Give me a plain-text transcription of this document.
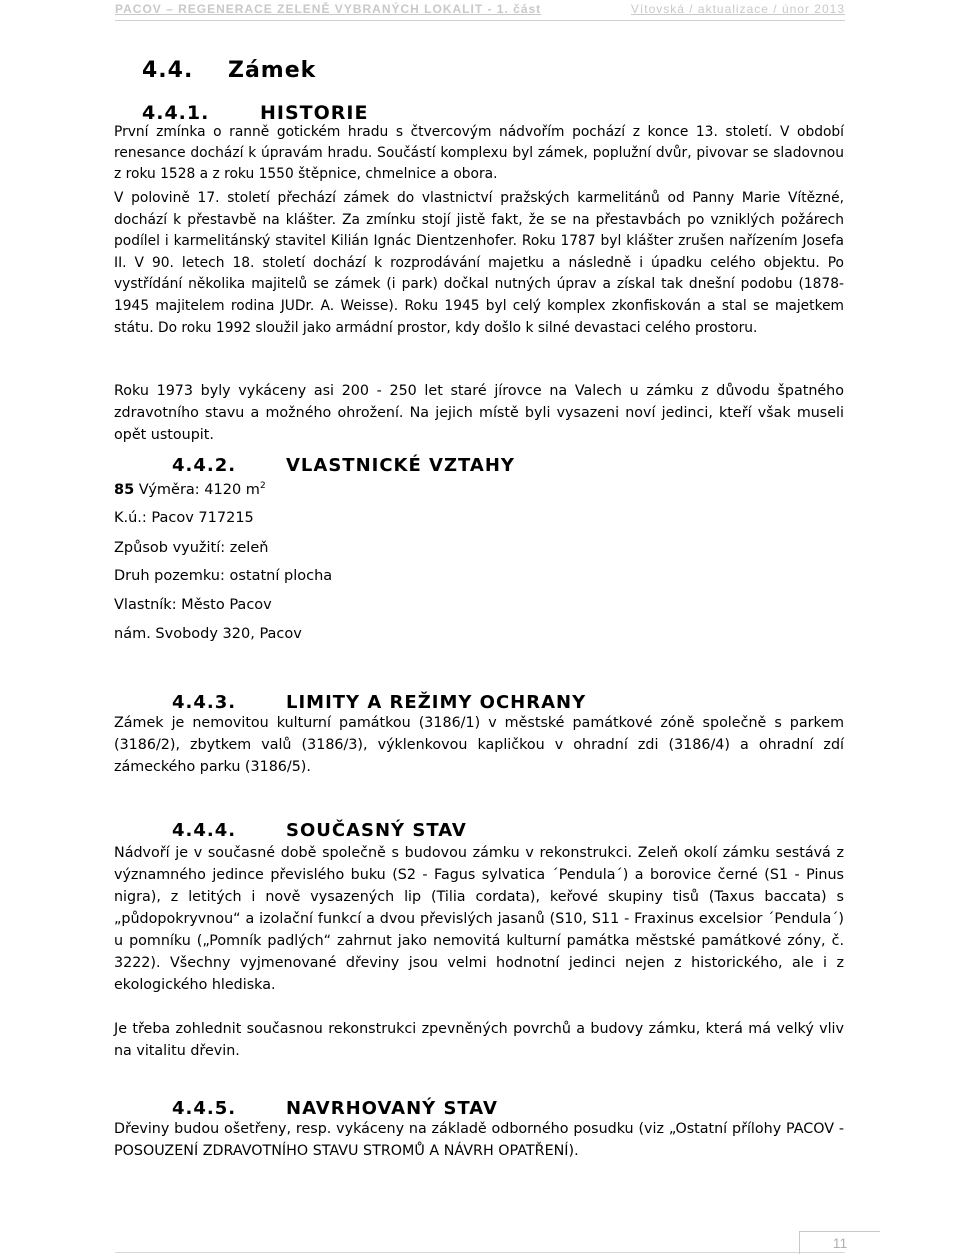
PACOV – REGENERACE ZELENĚ VYBRANÝCH LOKALIT - 1. část	Vítovská / aktualizace / únor 2013
4.4. Zámek
4.4.1.	HISTORIE
První zmínka o ranně gotickém hradu s čtvercovým nádvořím pochází z konce 13. století. V období renesance dochází k úpravám hradu. Součástí komplexu byl zámek, poplužní dvůr, pivovar se sladovnou z roku 1528 a z roku 1550 štěpnice, chmelnice a obora.
V polovině 17. století přechází zámek do vlastnictví pražských karmelitánů od Panny Marie Vítězné, dochází k přestavbě na klášter. Za zmínku stojí jistě fakt, že se na přestavbách po vzniklých požárech podílel i karmelitánský stavitel Kilián Ignác Dientzenhofer. Roku 1787 byl klášter zrušen nařízením Josefa II. V 90. letech 18. století dochází k rozprodávání majetku a následně i úpadku celého objektu. Po vystřídání několika majitelů se zámek (i park) dočkal nutných úprav a získal tak dnešní podobu (1878-1945 majitelem rodina JUDr. A. Weisse). Roku 1945 byl celý komplex zkonfiskován a stal se majetkem státu. Do roku 1992 sloužil jako armádní prostor, kdy došlo k silné devastaci celého prostoru.
Roku 1973 byly vykáceny asi 200 - 250 let staré jírovce na Valech u zámku z důvodu špatného zdravotního stavu a možného ohrožení. Na jejich místě byli vysazeni noví jedinci, kteří však museli opět ustoupit.
4.4.2.	VLASTNICKÉ VZTAHY
85 Výměra: 4120 $m^2$
K.ú.: Pacov 717215
Způsob využití: zeleň
Druh pozemku: ostatní plocha
Vlastník: Město Pacov
nám. Svobody 320, Pacov
4.4.3.	LIMITY A REŽIMY OCHRANY
Zámek je nemovitou kulturní památkou (3186/1) v městské památkové zóně společně s parkem (3186/2), zbytkem valů (3186/3), výklenkovou kapličkou v ohradní zdi (3186/4) a ohradní zdí zámeckého parku (3186/5).
4.4.4.	SOUČASNÝ STAV
Nádvoří je v současné době společně s budovou zámku v rekonstrukci. Zeleň okolí zámku sestává z významného jedince převislého buku (S2 - Fagus sylvatica ´Pendula´) a borovice černé (S1 - Pinus nigra), z letitých i nově vysazených lip (Tilia cordata), keřové skupiny tisů (Taxus baccata) s „půdopokryvnou“ a izolační funkcí a dvou převislých jasanů (S10, S11 - Fraxinus excelsior ´Pendula´) u pomníku („Pomník padlých“ zahrnut jako nemovitá kulturní památka městské památkové zóny, č. 3222). Všechny vyjmenované dřeviny jsou velmi hodnotní jedinci nejen z historického, ale i z ekologického hlediska.
Je třeba zohlednit současnou rekonstrukci zpevněných povrchů a budovy zámku, která má velký vliv na vitalitu dřevin.
4.4.5.	NAVRHOVANÝ STAV
Dřeviny budou ošetřeny, resp. vykáceny na základě odborného posudku (viz „Ostatní přílohy PACOV - POSOUZENÍ ZDRAVOTNÍHO STAVU STROMŮ A NÁVRH OPATŘENÍ).
11
